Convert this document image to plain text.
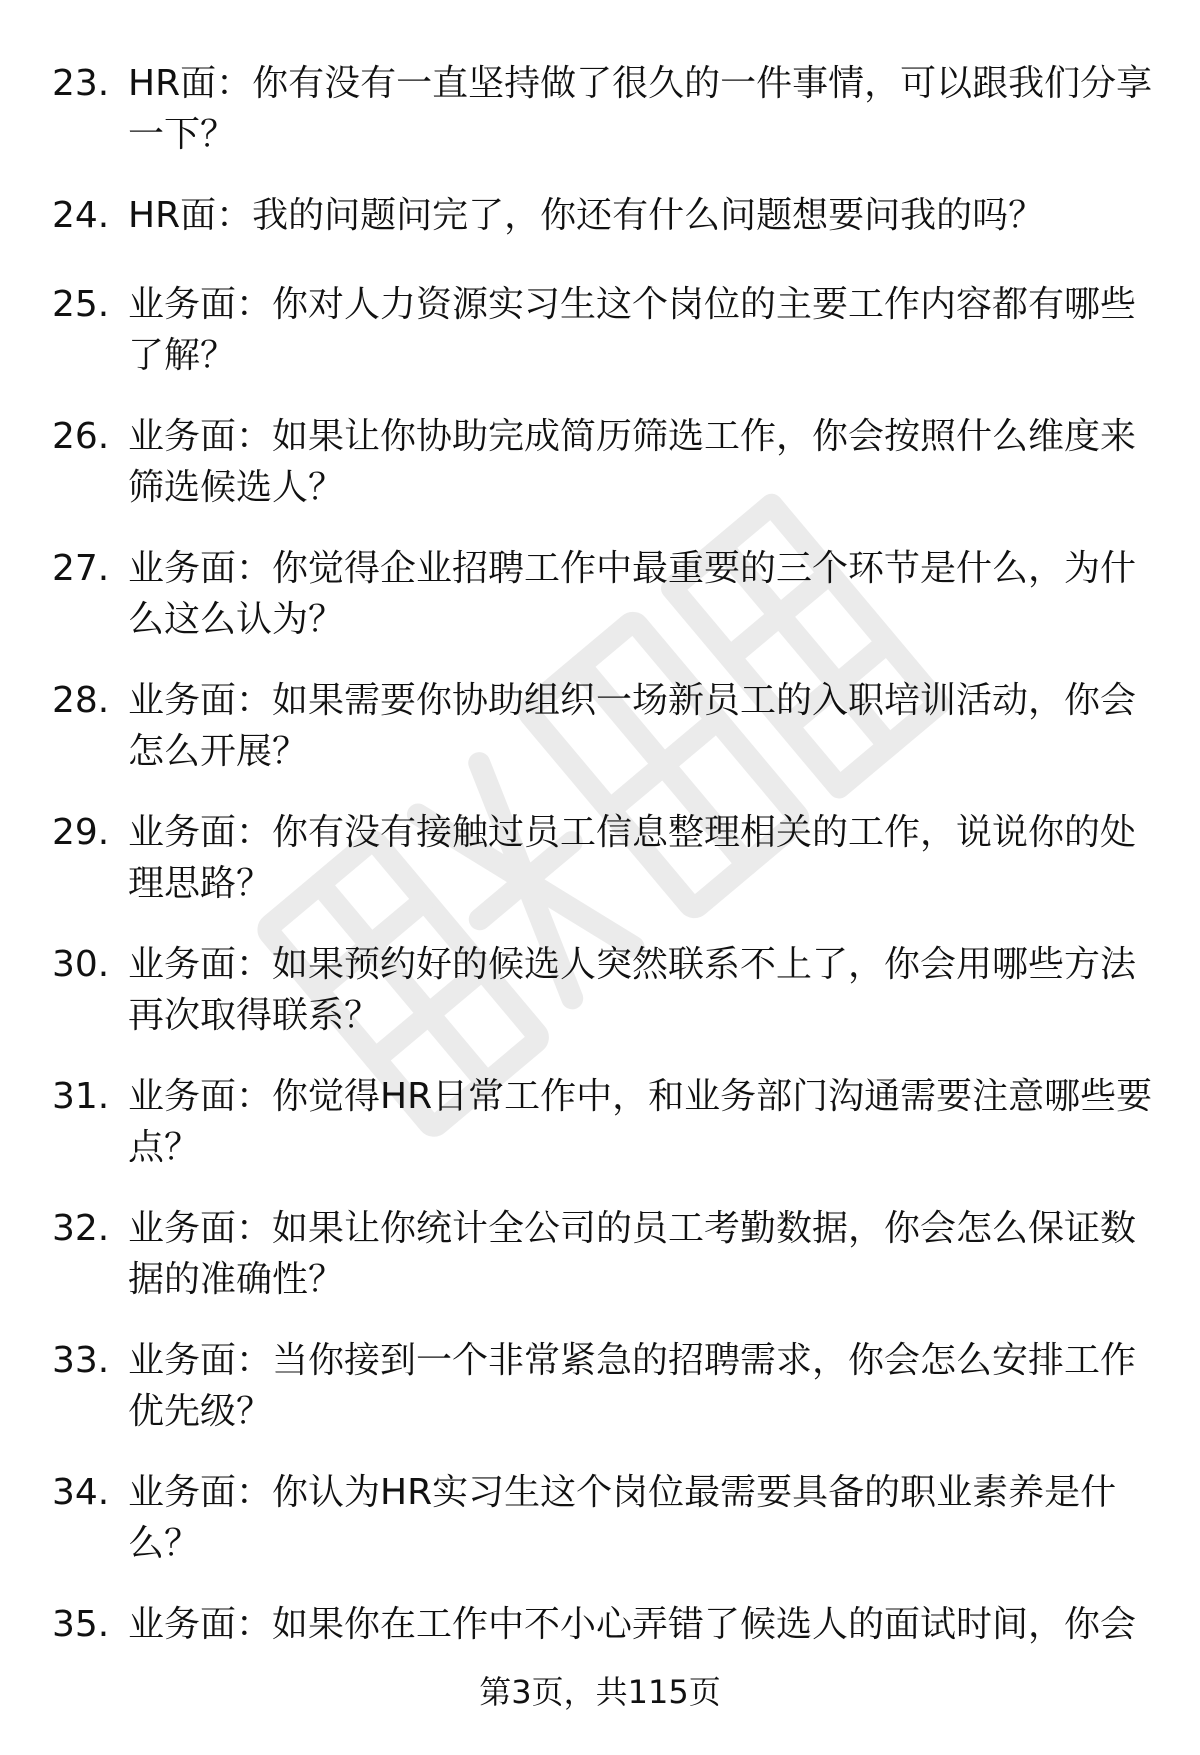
23. HR面：你有没有一直坚持做了很久的一件事情，可以跟我们分享一下？
24. HR面：我的问题问完了，你还有什么问题想要问我的吗？
25. 业务面：你对人力资源实习生这个岗位的主要工作内容都有哪些了解？
26. 业务面：如果让你协助完成简历筛选工作，你会按照什么维度来筛选候选人？
27. 业务面：你觉得企业招聘工作中最重要的三个环节是什么，为什么这么认为？
28. 业务面：如果需要你协助组织一场新员工的入职培训活动，你会怎么开展？
29. 业务面：你有没有接触过员工信息整理相关的工作，说说你的处理思路？
30. 业务面：如果预约好的候选人突然联系不上了，你会用哪些方法再次取得联系？
31. 业务面：你觉得HR日常工作中，和业务部门沟通需要注意哪些要点？
32. 业务面：如果让你统计全公司的员工考勤数据，你会怎么保证数据的准确性？
33. 业务面：当你接到一个非常紧急的招聘需求，你会怎么安排工作优先级？
34. 业务面：你认为HR实习生这个岗位最需要具备的职业素养是什么？
35. 业务面：如果你在工作中不小心弄错了候选人的面试时间，你会
第3页，共115页
